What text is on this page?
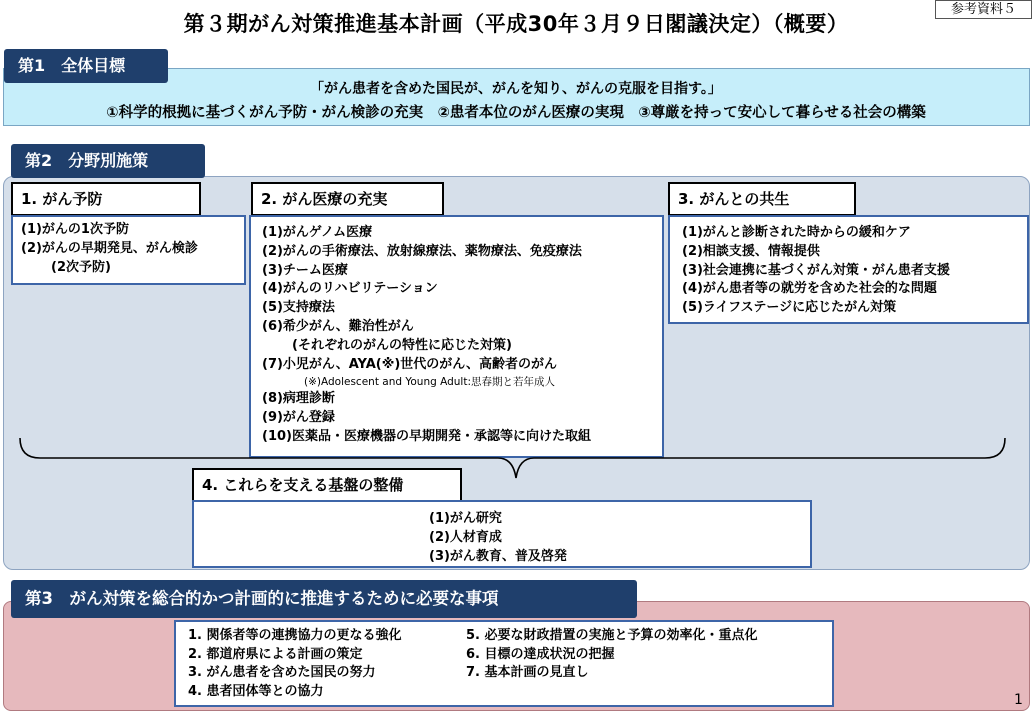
参考資料５
第３期がん対策推進基本計画（平成30年３月９日閣議決定）（概要）
第1　全体目標
「がん患者を含めた国民が、がんを知り、がんの克服を目指す。」
①科学的根拠に基づくがん予防・がん検診の充実　②患者本位のがん医療の実現　③尊厳を持って安心して暮らせる社会の構築
第2　分野別施策
1. がん予防
(1)がんの1次予防
(2)がんの早期発見、がん検診
(2次予防)
2. がん医療の充実
(1)がんゲノム医療
(2)がんの手術療法、放射線療法、薬物療法、免疫療法
(3)チーム医療
(4)がんのリハビリテーション
(5)支持療法
(6)希少がん、難治性がん
(それぞれのがんの特性に応じた対策)
(7)小児がん、AYA(※)世代のがん、高齢者のがん
(※)Adolescent and Young Adult:思春期と若年成人
(8)病理診断
(9)がん登録
(10)医薬品・医療機器の早期開発・承認等に向けた取組
3. がんとの共生
(1)がんと診断された時からの緩和ケア
(2)相談支援、情報提供
(3)社会連携に基づくがん対策・がん患者支援
(4)がん患者等の就労を含めた社会的な問題
(5)ライフステージに応じたがん対策
4. これらを支える基盤の整備
(1)がん研究
(2)人材育成
(3)がん教育、普及啓発
第3　がん対策を総合的かつ計画的に推進するために必要な事項
1. 関係者等の連携協力の更なる強化
2. 都道府県による計画の策定
3. がん患者を含めた国民の努力
4. 患者団体等との協力
5. 必要な財政措置の実施と予算の効率化・重点化
6. 目標の達成状況の把握
7. 基本計画の見直し
1
